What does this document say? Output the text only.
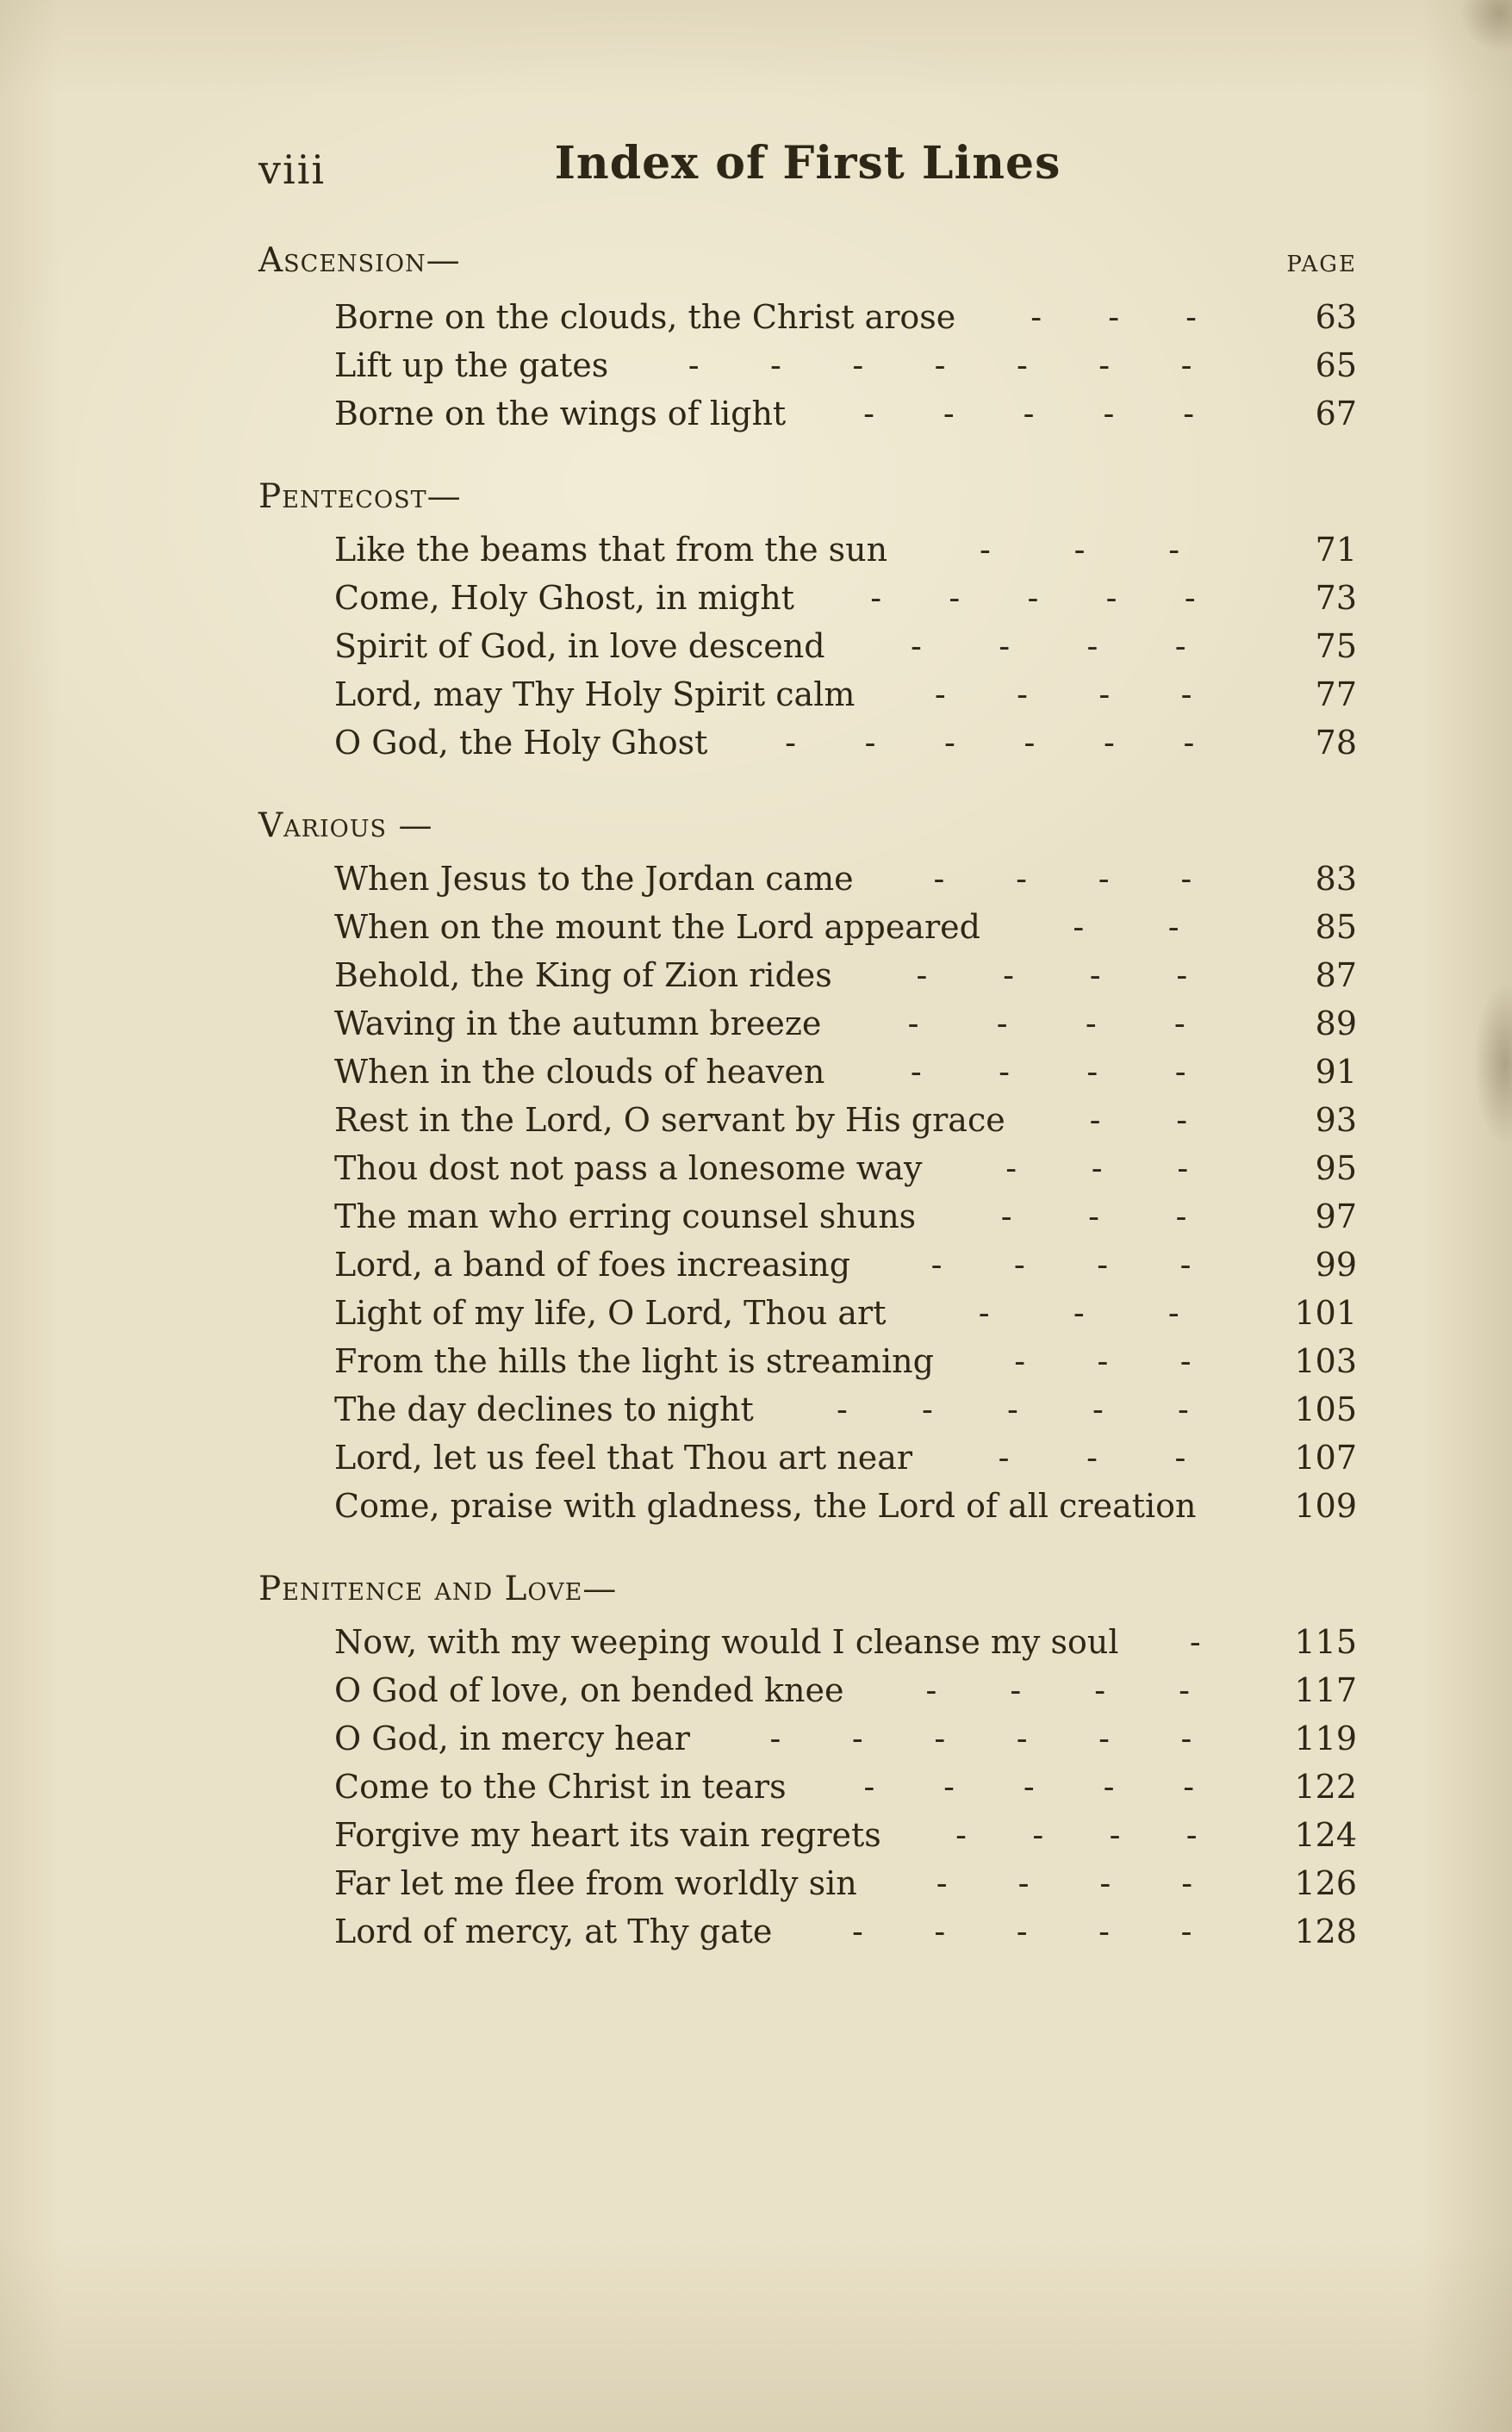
viii	Index of First Lines
Ascension—	PAGE
Borne on the clouds, the Christ arose - - -	63
Lift up the gates - - - - - - -	65
Borne on the wings of light - - - - -	67
Pentecost—
Like the beams that from the sun	-	-	-	71
Come, Holy Ghost, in might - - - - -	73
Spirit of God, in love descend	- - - -	75
Lord, may Thy Holy Spirit calm - - - -	77
O God, the Holy Ghost - - - - - -	78
Various —
When Jesus to the Jordan came - - - -	83
When on the mount the Lord appeared	-	-	85
Behold, the King of Zion rides	- - - -	87
Waving in the autumn breeze	- - - -	89
When in the clouds of heaven	- - - -	91
Rest in the Lord, O servant by His grace	- -	93
Thou dost not pass a lonesome way	- - -	95
The man who erring counsel shuns	- - -	97
Lord, a band of foes increasing - - - -	99
Light of my life, O Lord, Thou art	-	-	-	101
From the hills the light is streaming - - -	103
The day declines to night	- - - - -	105
Lord, let us feel that Thou art near	- - -	107
Come, praise with gladness, the Lord of all creation	109
Penitence and Love—
Now, with my weeping would I cleanse my soul -	115
O God of love, on bended knee	- - - -	117
O God, in mercy hear - - - - - -	119
Come to the Christ in tears - - - - -	122
Forgive my heart its vain regrets - - - -	124
Far let me flee from worldly sin - - - -	126
Lord of mercy, at Thy gate - - - - -	128
